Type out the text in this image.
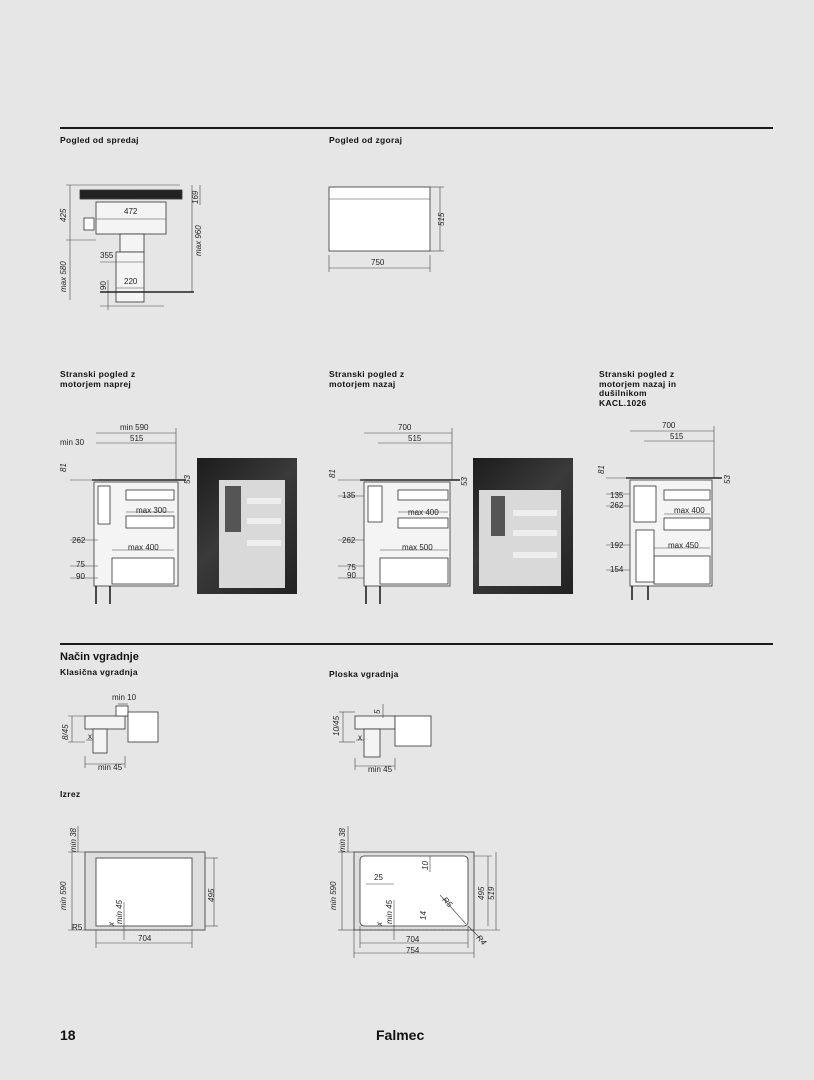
Pogled od spredaj	Pogled od zgoraj
Stranski pogled z
motorjem naprej
Stranski pogled z
motorjem nazaj
Stranski pogled z
motorjem nazaj in
dušilnikom
KACL.1026
Način vgradnje
Klasična vgradnja	Ploska vgradnja
Izrez
665
472
355
220
90
425
max 580
169
max 960
750
515
min 590
515
min 30
81
53
max 300
262
max 400
75
90
700
515
81
53
135
max 400
262
max 500
75
90
700
515
81
53
135
262
max 400
192	max 450
154
min 10
8/45 x
min 45
5
10/45
x
min 45
min 38
min 590	495
R5	x min 45
704
min 38
min 590
10
25
R5
495 519
x min 45	14
R4
704
754
18	Falmec
